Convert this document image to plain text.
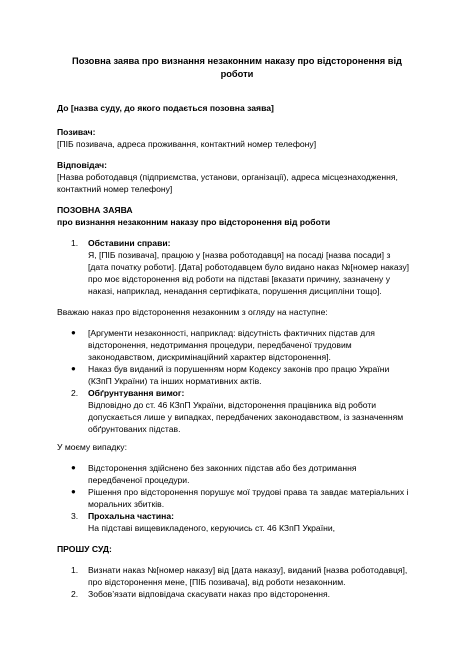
Позовна заява про визнання незаконним наказу про відсторонення від
роботи
До [назва суду, до якого подається позовна заява]
Позивач:
[ПІБ позивача, адреса проживання, контактний номер телефону]
Відповідач:
[Назва роботодавця (підприємства, установи, організації), адреса місцезнаходження,
контактний номер телефону]
ПОЗОВНА ЗАЯВА
про визнання незаконним наказу про відсторонення від роботи
1. Обставини справи:
Я, [ПІБ позивача], працюю у [назва роботодавця] на посаді [назва посади] з
[дата початку роботи]. [Дата] роботодавцем було видано наказ №[номер наказу]
про моє відсторонення від роботи на підставі [вказати причину, зазначену у
наказі, наприклад, ненадання сертифіката, порушення дисципліни тощо].
Вважаю наказ про відсторонення незаконним з огляду на наступне:
● [Аргументи незаконності, наприклад: відсутність фактичних підстав для
відсторонення, недотримання процедури, передбаченої трудовим
законодавством, дискримінаційний характер відсторонення].
● Наказ був виданий із порушенням норм Кодексу законів про працю України
(КЗпП України) та інших нормативних актів.
2. Обґрунтування вимог:
Відповідно до ст. 46 КЗпП України, відсторонення працівника від роботи
допускається лише у випадках, передбачених законодавством, із зазначенням
обґрунтованих підстав.
У моєму випадку:
● Відсторонення здійснено без законних підстав або без дотримання
передбаченої процедури.
● Рішення про відсторонення порушує мої трудові права та завдає матеріальних і
моральних збитків.
3. Прохальна частина:
На підставі вищевикладеного, керуючись ст. 46 КЗпП України,
ПРОШУ СУД:
1. Визнати наказ №[номер наказу] від [дата наказу], виданий [назва роботодавця],
про відсторонення мене, [ПІБ позивача], від роботи незаконним.
2. Зобов’язати відповідача скасувати наказ про відсторонення.
